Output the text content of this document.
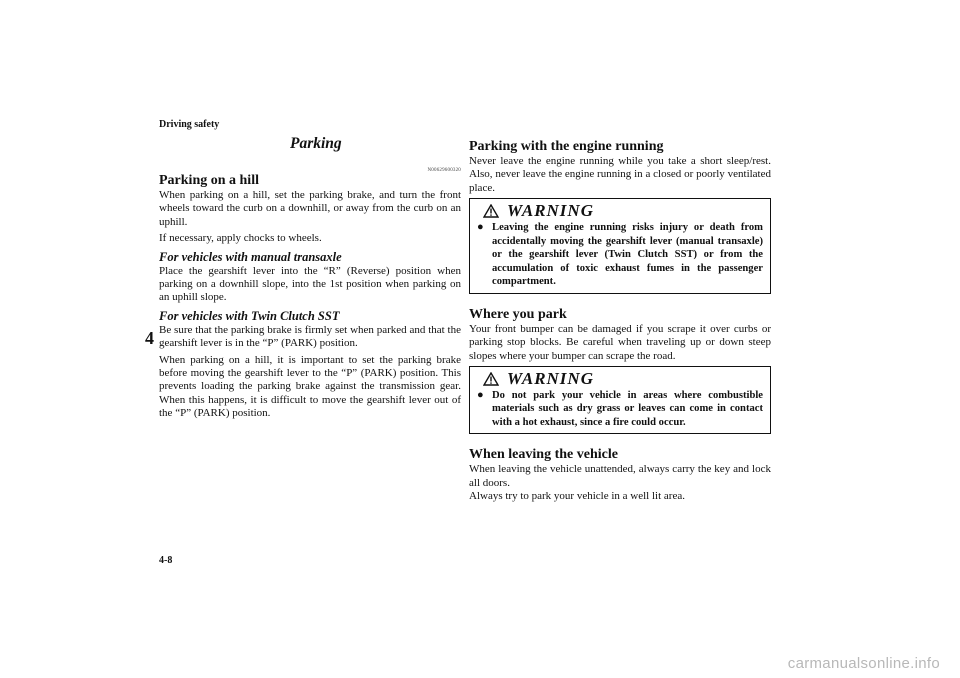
Driving safety
4
4-8
Parking
N00629600320
Parking on a hill

When parking on a hill, set the parking brake, and turn the front wheels toward the curb on a downhill, or away from the curb on an uphill.

If necessary, apply chocks to wheels.

For vehicles with manual transaxle

Place the gearshift lever into the “R” (Reverse) position when parking on a downhill slope, into the 1st position when parking on an uphill slope.

For vehicles with Twin Clutch SST

Be sure that the parking brake is firmly set when parked and that the gearshift lever is in the “P” (PARK) position.

When parking on a hill, it is important to set the parking brake before moving the gearshift lever to the “P” (PARK) position. This prevents loading the parking brake against the transmission gear. When this happens, it is difficult to move the gearshift lever out of the “P” (PARK) position.

Parking with the engine running

Never leave the engine running while you take a short sleep/rest. Also, never leave the engine running in a closed or poorly ventilated place.

WARNING
● Leaving the engine running risks injury or death from accidentally moving the gearshift lever (manual transaxle) or the gearshift lever (Twin Clutch SST) or from the accumulation of toxic exhaust fumes in the passenger compartment.
Where you park

Your front bumper can be damaged if you scrape it over curbs or parking stop blocks. Be careful when traveling up or down steep slopes where your bumper can scrape the road.

WARNING
● Do not park your vehicle in areas where combustible materials such as dry grass or leaves can come in contact with a hot exhaust, since a fire could occur.
When leaving the vehicle

When leaving the vehicle unattended, always carry the key and lock all doors.

Always try to park your vehicle in a well lit area.

carmanualsonline.info
